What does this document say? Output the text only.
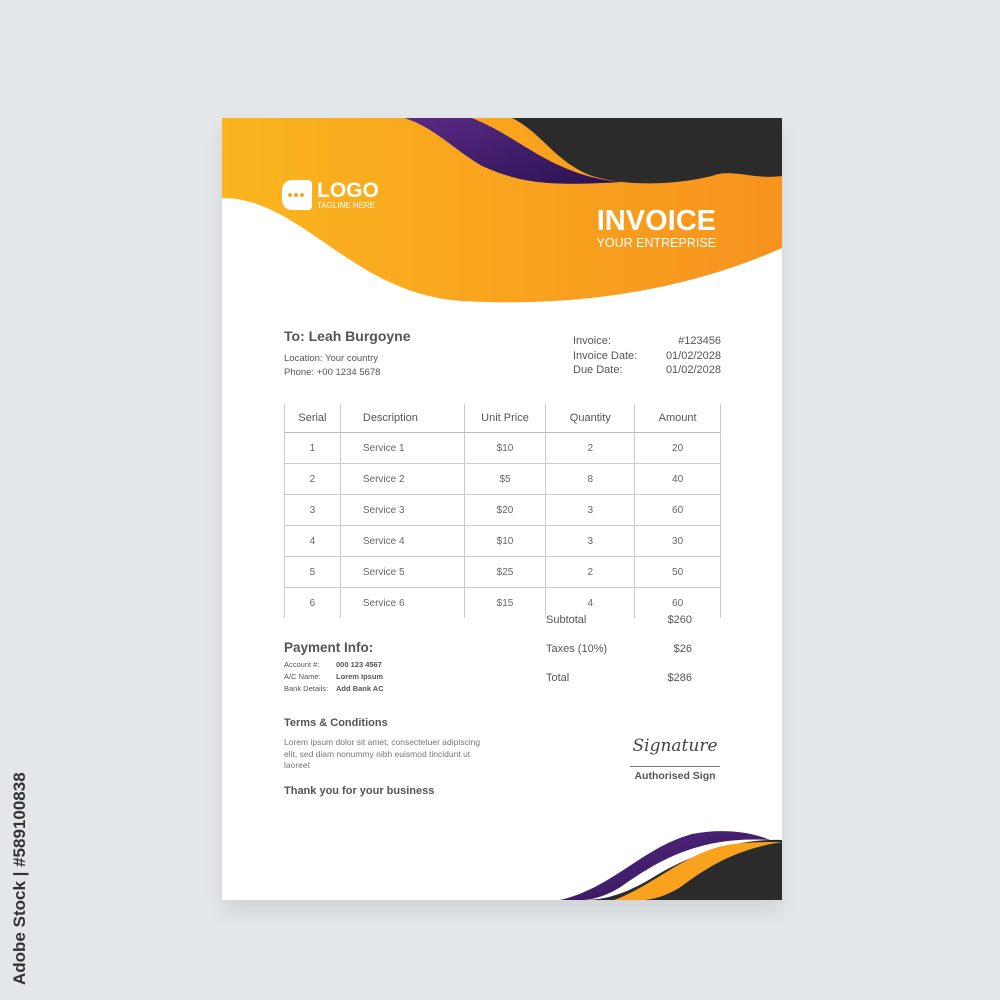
Adobe Stock | #589100838
LOGO
TAGLINE HERE	INVOICE
YOUR ENTREPRISE
To: Leah Burgoyne
Location: Your country
Phone: +00 1234 5678
Invoice:	#123456
Invoice Date:	01/02/2028
Due Date:	01/02/2028
Serial	Description	Unit Price	Quantity	Amount
1	Service 1	$10	2	20
2	Service 2	$5	8	40
3	Service 3	$20	3	60
4	Service 4	$10	3	30
5	Service 5	$25	2	50
6	Service 6	$15	4	60
Subtotal	$260
Taxes (10%)	$26
Total	$286
Payment Info:
Account #:	000 123 4567
A/C Name:	Lorem Ipsum
Bank Details:	Add Bank AC
Terms & Conditions
Lorem ipsum dolor sit amet, consectetuer adipiscing elit, sed diam nonummy nibh euismod tincidunt ut laoreet
Thank you for your business
Signature
Authorised Sign
